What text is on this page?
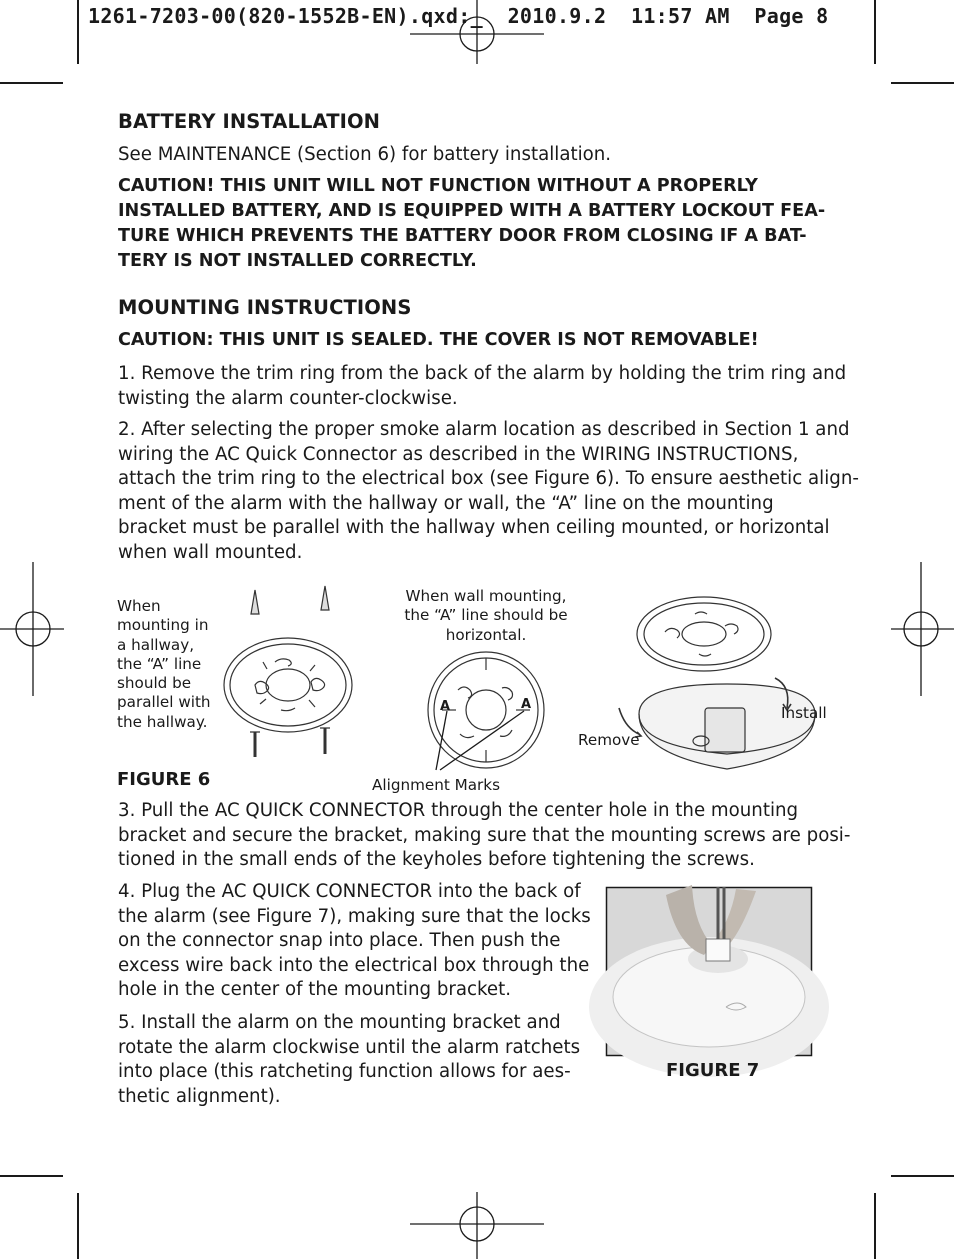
1261-7203-00(820-1552B-EN).qxd:_  2010.9.2  11:57 AM  Page 8
BATTERY INSTALLATION
See MAINTENANCE (Section 6) for battery installation.
CAUTION! THIS UNIT WILL NOT FUNCTION WITHOUT A PROPERLY
INSTALLED BATTERY, AND IS EQUIPPED WITH A BATTERY LOCKOUT FEA-
TURE WHICH PREVENTS THE BATTERY DOOR FROM CLOSING IF A BAT-
TERY IS NOT INSTALLED CORRECTLY.
MOUNTING INSTRUCTIONS
CAUTION: THIS UNIT IS SEALED. THE COVER IS NOT REMOVABLE!
1. Remove the trim ring from the back of the alarm by holding the trim ring and
twisting the alarm counter-clockwise.
2. After selecting the proper smoke alarm location as described in Section 1 and
wiring the AC Quick Connector as described in the WIRING INSTRUCTIONS,
attach the trim ring to the electrical box (see Figure 6). To ensure aesthetic align-
ment of the alarm with the hallway or wall, the “A” line on the mounting
bracket must be parallel with the hallway when ceiling mounted, or horizontal
when wall mounted.
When
mounting in
a hallway,
the “A” line
should be
parallel with
the hallway.
When wall mounting,
the “A” line should be
horizontal.
A	A
Alignment Marks
Install
Remove
FIGURE 6
3. Pull the AC QUICK CONNECTOR through the center hole in the mounting
bracket and secure the bracket, making sure that the mounting screws are posi-
tioned in the small ends of the keyholes before tightening the screws.
4. Plug the AC QUICK CONNECTOR into the back of
the alarm (see Figure 7), making sure that the locks
on the connector snap into place. Then push the
excess wire back into the electrical box through the
hole in the center of the mounting bracket.
5. Install the alarm on the mounting bracket and
rotate the alarm clockwise until the alarm ratchets
into place (this ratcheting function allows for aes-
thetic alignment).
FIGURE 7
